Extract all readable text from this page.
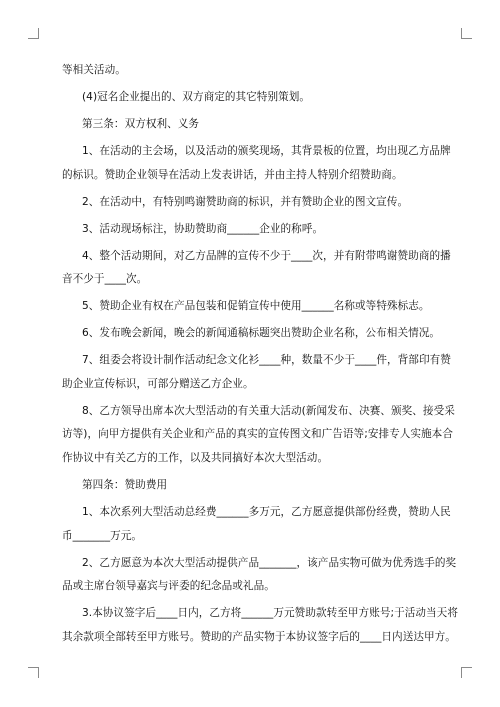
等相关活动。

(4)冠名企业提出的、双方商定的其它特别策划。

第三条：双方权利、义务

1、在活动的主会场，以及活动的颁奖现场，其背景板的位置，均出现乙方品牌

的标识。赞助企业领导在活动上发表讲话，并由主持人特别介绍赞助商。

2、在活动中，有特别鸣谢赞助商的标识，并有赞助企业的图文宣传。

3、活动现场标注，协助赞助商______企业的称呼。

4、整个活动期间，对乙方品牌的宣传不少于____次，并有附带鸣谢赞助商的播

音不少于____次。

5、赞助企业有权在产品包装和促销宣传中使用______名称或等特殊标志。

6、发布晚会新闻，晚会的新闻通稿标题突出赞助企业名称，公布相关情况。

7、组委会将设计制作活动纪念文化衫____种，数量不少于____件，背部印有赞

助企业宣传标识，可部分赠送乙方企业。

8、乙方领导出席本次大型活动的有关重大活动(新闻发布、决赛、颁奖、接受采

访等)，向甲方提供有关企业和产品的真实的宣传图文和广告语等;安排专人实施本合

作协议中有关乙方的工作，以及共同搞好本次大型活动。

第四条：赞助费用

1、本次系列大型活动总经费______多万元，乙方愿意提供部份经费，赞助人民

币_______万元。

2、乙方愿意为本次大型活动提供产品_______，该产品实物可做为优秀选手的奖

品或主席台领导嘉宾与评委的纪念品或礼品。

3.本协议签字后____日内，乙方将______万元赞助款转至甲方账号;于活动当天将

其余款项全部转至甲方账号。赞助的产品实物于本协议签字后的____日内送达甲方。
